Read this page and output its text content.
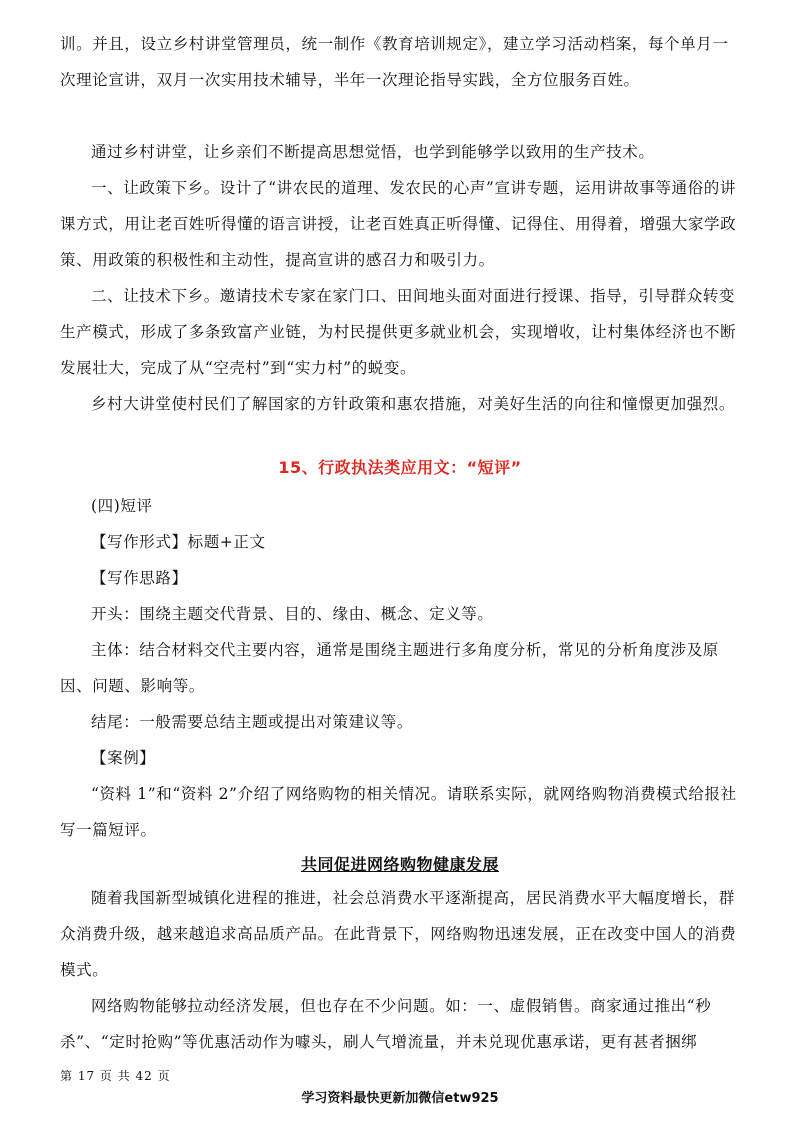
训。并且，设立乡村讲堂管理员，统一制作《教育培训规定》，建立学习活动档案，每个单月一次理论宣讲，双月一次实用技术辅导，半年一次理论指导实践，全方位服务百姓。

通过乡村讲堂，让乡亲们不断提高思想觉悟，也学到能够学以致用的生产技术。

一、让政策下乡。设计了“讲农民的道理、发农民的心声”宣讲专题，运用讲故事等通俗的讲课方式，用让老百姓听得懂的语言讲授，让老百姓真正听得懂、记得住、用得着，增强大家学政策、用政策的积极性和主动性，提高宣讲的感召力和吸引力。

二、让技术下乡。邀请技术专家在家门口、田间地头面对面进行授课、指导，引导群众转变生产模式，形成了多条致富产业链，为村民提供更多就业机会，实现增收，让村集体经济也不断发展壮大，完成了从“空壳村”到“实力村”的蜕变。

乡村大讲堂使村民们了解国家的方针政策和惠农措施，对美好生活的向往和憧憬更加强烈。

15、行政执法类应用文：“短评”

(四)短评

【写作形式】标题+正文

【写作思路】

开头：围绕主题交代背景、目的、缘由、概念、定义等。

主体：结合材料交代主要内容，通常是围绕主题进行多角度分析，常见的分析角度涉及原因、问题、影响等。

结尾：一般需要总结主题或提出对策建议等。

【案例】

“资料 1”和“资料 2”介绍了网络购物的相关情况。请联系实际，就网络购物消费模式给报社写一篇短评。

共同促进网络购物健康发展

随着我国新型城镇化进程的推进，社会总消费水平逐渐提高，居民消费水平大幅度增长，群众消费升级，越来越追求高品质产品。在此背景下，网络购物迅速发展，正在改变中国人的消费模式。

网络购物能够拉动经济发展，但也存在不少问题。如：一、虚假销售。商家通过推出“秒杀”、“定时抢购”等优惠活动作为噱头，刷人气增流量，并未兑现优惠承诺，更有甚者捆绑

第 17 页 共 42 页
学习资料最快更新加微信etw925
